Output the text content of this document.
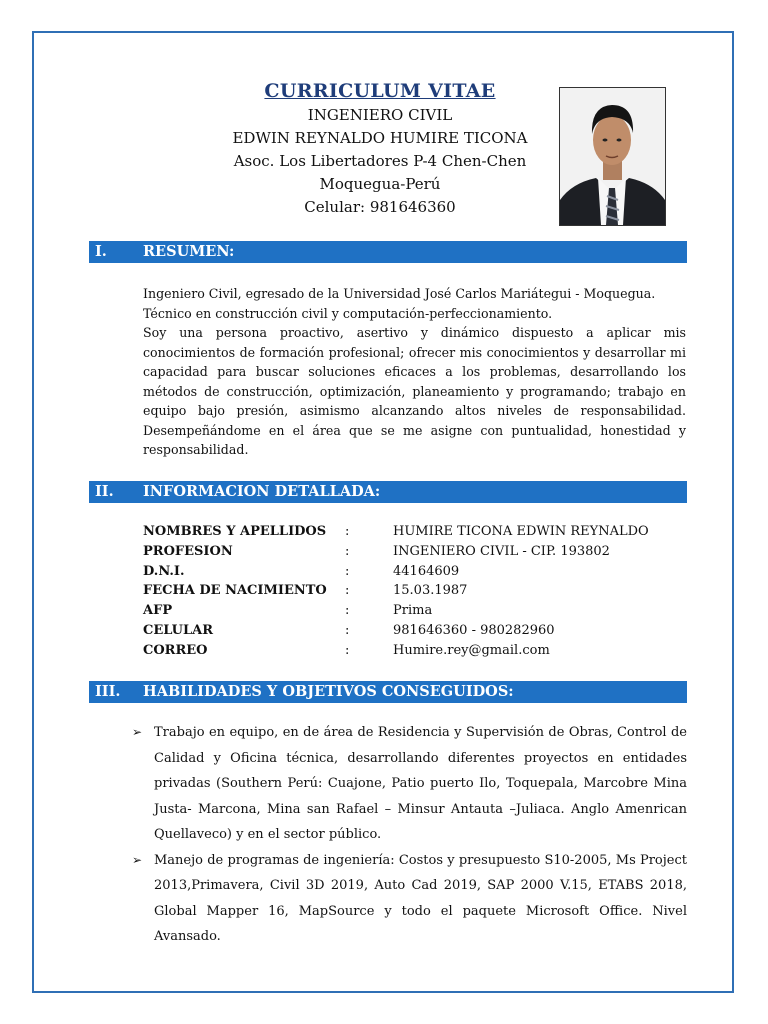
CURRICULUM VITAE
INGENIERO CIVIL
EDWIN REYNALDO HUMIRE TICONA
Asoc. Los Libertadores P-4 Chen-Chen
Moquegua-Perú
Celular: 981646360
I. RESUMEN:

Ingeniero Civil, egresado de la Universidad José Carlos Mariátegui - Moquegua.

Técnico en construcción civil y computación-perfeccionamiento.

Soy una persona proactivo, asertivo y dinámico dispuesto a aplicar mis conocimientos de formación profesional; ofrecer mis conocimientos y desarrollar mi capacidad para buscar soluciones eficaces a los problemas, desarrollando los métodos de construcción, optimización, planeamiento y programando; trabajo en equipo bajo presión, asimismo alcanzando altos niveles de responsabilidad. Desempeñándome en el área que se me asigne con puntualidad, honestidad y responsabilidad.

II. INFORMACION DETALLADA:
NOMBRES Y APELLIDOS :	HUMIRE TICONA EDWIN REYNALDO
PROFESION	:	INGENIERO CIVIL - CIP. 193802
D.N.I.	:	44164609
FECHA DE NACIMIENTO :	15.03.1987
AFP	:	Prima
CELULAR	:	981646360 - 980282960
CORREO	:	Humire.rey@gmail.com
III. HABILIDADES Y OBJETIVOS CONSEGUIDOS:
➢ Trabajo en equipo, en de área de Residencia y Supervisión de Obras, Control de Calidad y Oficina técnica, desarrollando diferentes proyectos en entidades privadas (Southern Perú: Cuajone, Patio puerto Ilo, Toquepala, Marcobre Mina Justa- Marcona, Mina san Rafael – Minsur Antauta –Juliaca. Anglo Amenrican Quellaveco) y en el sector público.
➢ Manejo de programas de ingeniería: Costos y presupuesto S10-2005, Ms Project 2013,Primavera, Civil 3D 2019, Auto Cad 2019, SAP 2000 V.15, ETABS 2018, Global Mapper 16, MapSource y todo el paquete Microsoft Office. Nivel Avansado.
